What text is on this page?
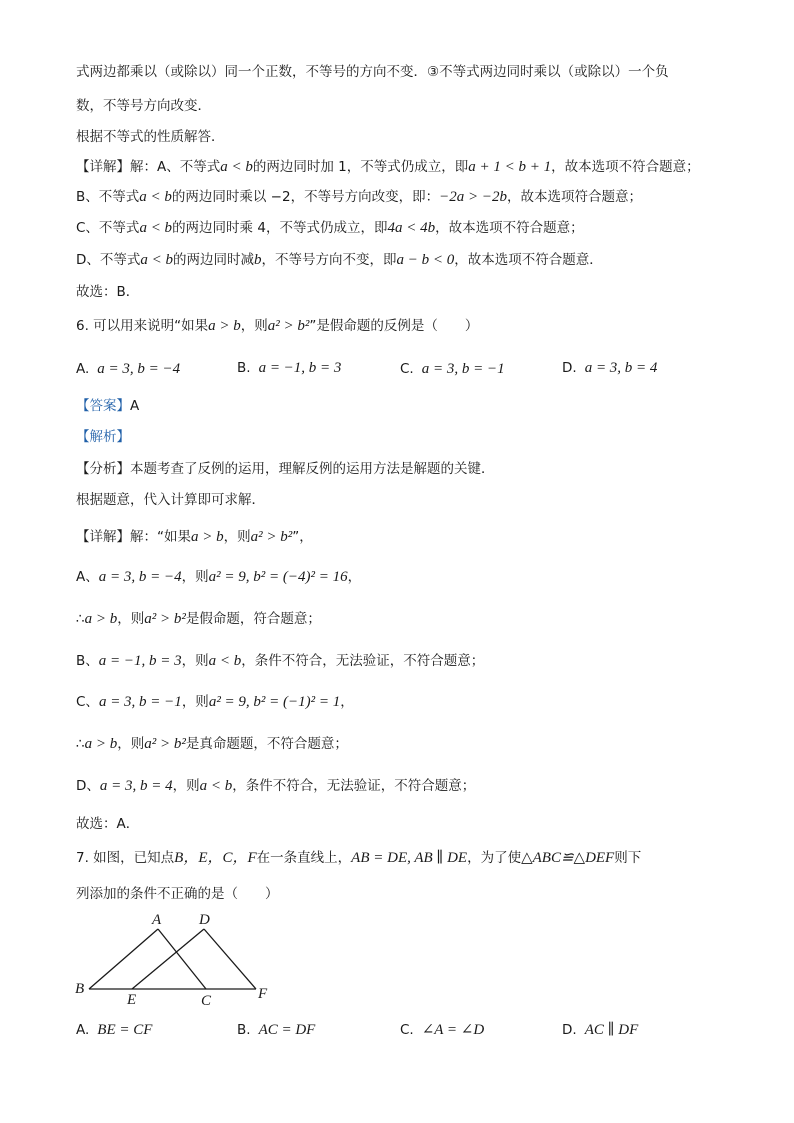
式两边都乘以（或除以）同一个正数，不等号的方向不变．③不等式两边同时乘以（或除以）一个负
数，不等号方向改变．
根据不等式的性质解答．
【详解】解：A、不等式a < b的两边同时加 1，不等式仍成立，即a + 1 < b + 1，故本选项不符合题意；
B、不等式a < b的两边同时乘以 −2，不等号方向改变，即：−2a > −2b，故本选项符合题意；
C、不等式a < b的两边同时乘 4，不等式仍成立，即4a < 4b，故本选项不符合题意；
D、不等式a < b的两边同时减b，不等号方向不变，即a − b < 0，故本选项不符合题意．
故选：B．
6. 可以用来说明“如果a > b，则a² > b²”是假命题的反例是（　　）
A. a = 3, b = −4	B. a = −1, b = 3	C. a = 3, b = −1	D. a = 3, b = 4
【答案】A
【解析】
【分析】本题考查了反例的运用，理解反例的运用方法是解题的关键．
根据题意，代入计算即可求解．
【详解】解：“如果a > b，则a² > b²”，
A、a = 3, b = −4，则a² = 9, b² = (−4)² = 16，
∴a > b，则a² > b²是假命题，符合题意；
B、a = −1, b = 3，则a < b，条件不符合，无法验证，不符合题意；
C、a = 3, b = −1，则a² = 9, b² = (−1)² = 1，
∴a > b，则a² > b²是真命题题，不符合题意；
D、a = 3, b = 4，则a < b，条件不符合，无法验证，不符合题意；
故选：A．
7. 如图，已知点B，E，C，F在一条直线上，AB = DE, AB ∥ DE，为了使△ABC≌△DEF则下
列添加的条件不正确的是（　　）
A	D
B
E	C	F
A. BE = CF	B. AC = DF	C. ∠A = ∠D	D. AC ∥ DF
